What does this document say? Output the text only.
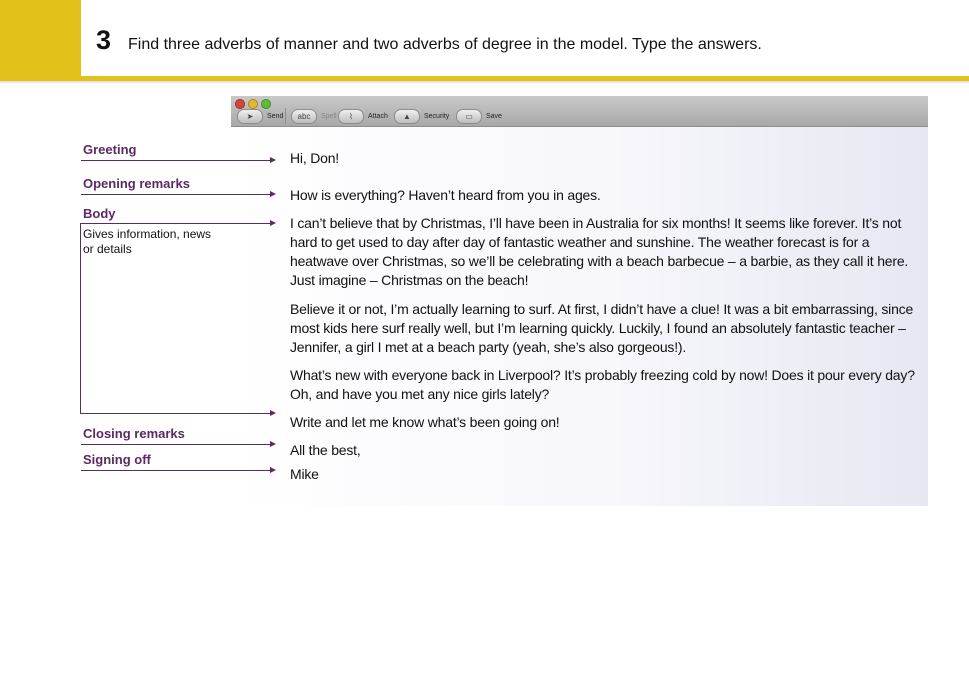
3 Find three adverbs of manner and two adverbs of degree in the model. Type the answers.
➤	Send	abc	Spell	⌇	Attach	▲	Security	▭	Save
Hi, Don!
How is everything? Haven’t heard from you in ages.
I can’t believe that by Christmas, I’ll have been in Australia for six months! It seems like forever. It’s not hard to get used to day after day of fantastic weather and sunshine. The weather forecast is for a heatwave over Christmas, so we’ll be celebrating with a beach barbecue – a barbie, as they call it here. Just imagine – Christmas on the beach!
Believe it or not, I’m actually learning to surf. At first, I didn’t have a clue! It was a bit embarrassing, since most kids here surf really well, but I’m learning quickly. Luckily, I found an absolutely fantastic teacher – Jennifer, a girl I met at a beach party (yeah, she’s also gorgeous!).
What’s new with everyone back in Liverpool? It’s probably freezing cold by now! Does it pour every day? Oh, and have you met any nice girls lately?
Write and let me know what’s been going on!
All the best,
Mike
Greeting
Opening remarks
Body
Gives information, news or details
Closing remarks
Signing off
